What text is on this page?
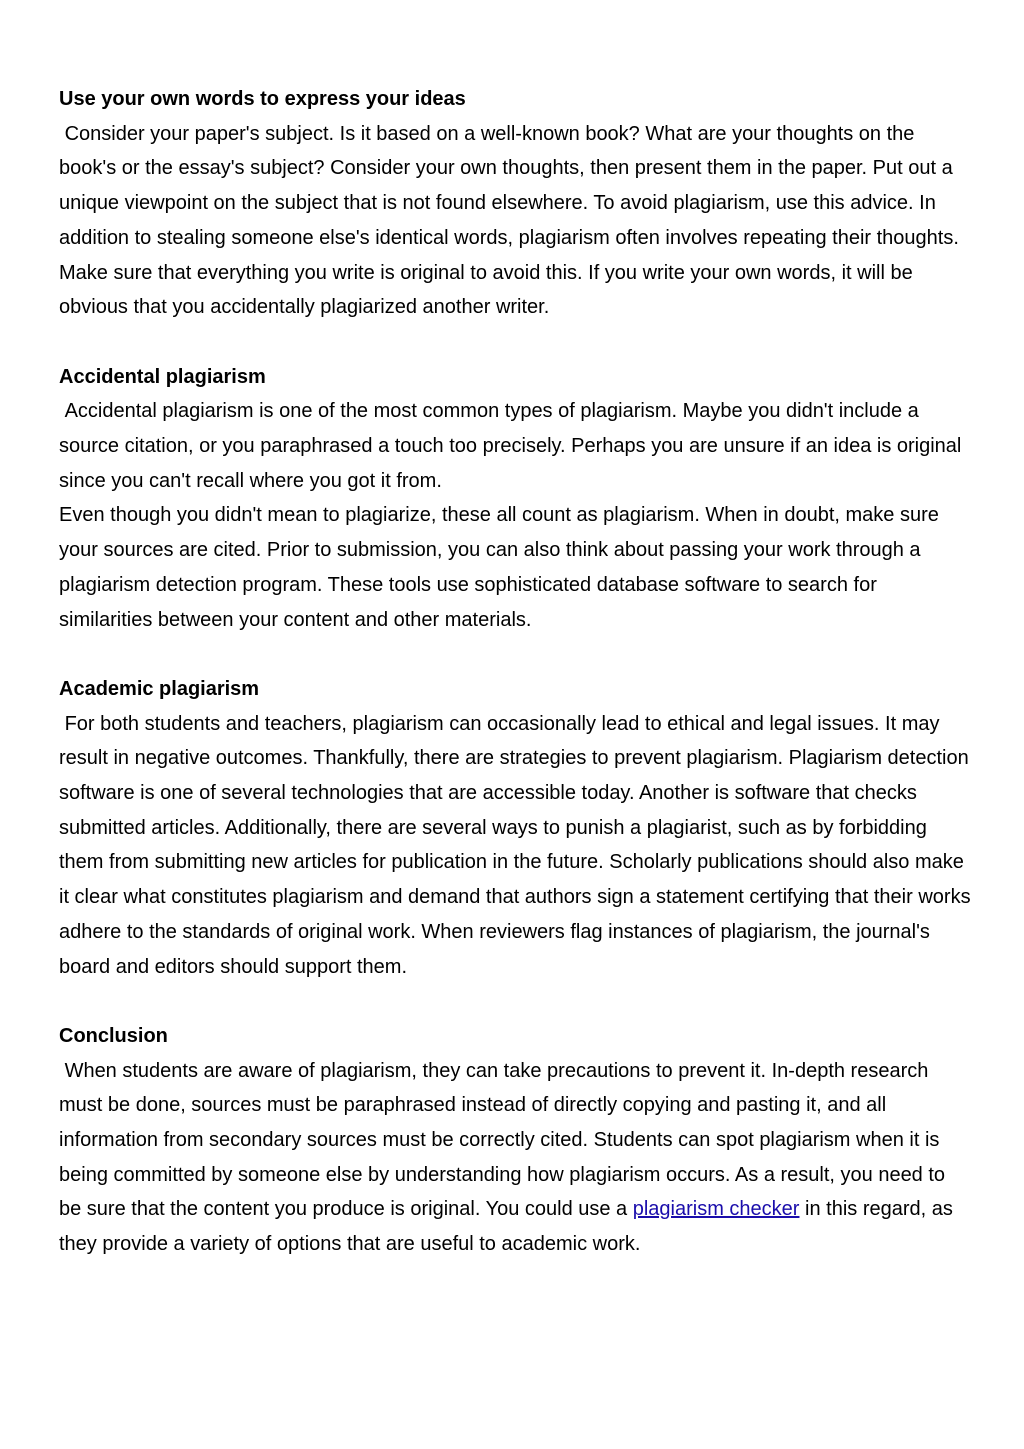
Use your own words to express your ideas
Consider your paper's subject. Is it based on a well-known book? What are your thoughts on the book's or the essay's subject? Consider your own thoughts, then present them in the paper. Put out a unique viewpoint on the subject that is not found elsewhere. To avoid plagiarism, use this advice. In addition to stealing someone else's identical words, plagiarism often involves repeating their thoughts. Make sure that everything you write is original to avoid this. If you write your own words, it will be obvious that you accidentally plagiarized another writer.
Accidental plagiarism
Accidental plagiarism is one of the most common types of plagiarism. Maybe you didn't include a source citation, or you paraphrased a touch too precisely. Perhaps you are unsure if an idea is original since you can't recall where you got it from.
Even though you didn't mean to plagiarize, these all count as plagiarism. When in doubt, make sure your sources are cited. Prior to submission, you can also think about passing your work through a plagiarism detection program. These tools use sophisticated database software to search for similarities between your content and other materials.
Academic plagiarism
For both students and teachers, plagiarism can occasionally lead to ethical and legal issues. It may result in negative outcomes. Thankfully, there are strategies to prevent plagiarism. Plagiarism detection software is one of several technologies that are accessible today. Another is software that checks submitted articles. Additionally, there are several ways to punish a plagiarist, such as by forbidding them from submitting new articles for publication in the future. Scholarly publications should also make it clear what constitutes plagiarism and demand that authors sign a statement certifying that their works adhere to the standards of original work. When reviewers flag instances of plagiarism, the journal's board and editors should support them.
Conclusion
When students are aware of plagiarism, they can take precautions to prevent it. In-depth research must be done, sources must be paraphrased instead of directly copying and pasting it, and all information from secondary sources must be correctly cited. Students can spot plagiarism when it is being committed by someone else by understanding how plagiarism occurs. As a result, you need to be sure that the content you produce is original. You could use a plagiarism checker in this regard, as they provide a variety of options that are useful to academic work.
